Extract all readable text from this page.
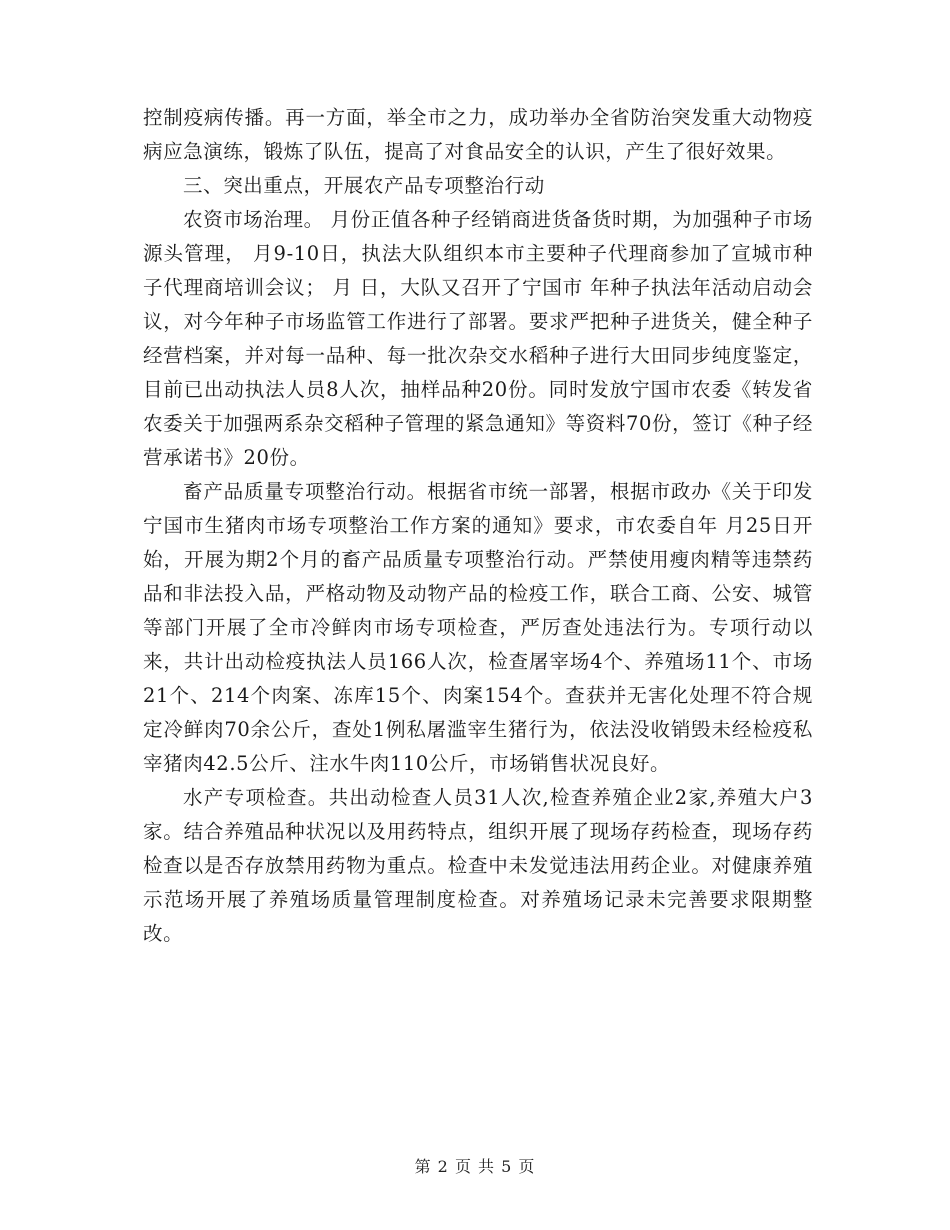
控制疫病传播。再一方面，举全市之力，成功举办全省防治突发重大动物疫病应急演练，锻炼了队伍，提高了对食品安全的认识，产生了很好效果。

三、突出重点，开展农产品专项整治行动

农资市场治理。 月份正值各种子经销商进货备货时期，为加强种子市场源头管理， 月9-10日，执法大队组织本市主要种子代理商参加了宣城市种子代理商培训会议； 月 日，大队又召开了宁国市 年种子执法年活动启动会议，对今年种子市场监管工作进行了部署。要求严把种子进货关，健全种子经营档案，并对每一品种、每一批次杂交水稻种子进行大田同步纯度鉴定，目前已出动执法人员8人次，抽样品种20份。同时发放宁国市农委《转发省农委关于加强两系杂交稻种子管理的紧急通知》等资料70份，签订《种子经营承诺书》20份。

畜产品质量专项整治行动。根据省市统一部署，根据市政办《关于印发宁国市生猪肉市场专项整治工作方案的通知》要求，市农委自年 月25日开始，开展为期2个月的畜产品质量专项整治行动。严禁使用瘦肉精等违禁药品和非法投入品，严格动物及动物产品的检疫工作，联合工商、公安、城管等部门开展了全市冷鲜肉市场专项检查，严厉查处违法行为。专项行动以来，共计出动检疫执法人员166人次，检查屠宰场4个、养殖场11个、市场21个、214个肉案、冻库15个、肉案154个。查获并无害化处理不符合规定冷鲜肉70余公斤，查处1例私屠滥宰生猪行为，依法没收销毁未经检疫私宰猪肉42.5公斤、注水牛肉110公斤，市场销售状况良好。

水产专项检查。共出动检查人员31人次,检查养殖企业2家,养殖大户3家。结合养殖品种状况以及用药特点，组织开展了现场存药检查，现场存药检查以是否存放禁用药物为重点。检查中未发觉违法用药企业。对健康养殖示范场开展了养殖场质量管理制度检查。对养殖场记录未完善要求限期整改。

第 2 页 共 5 页
